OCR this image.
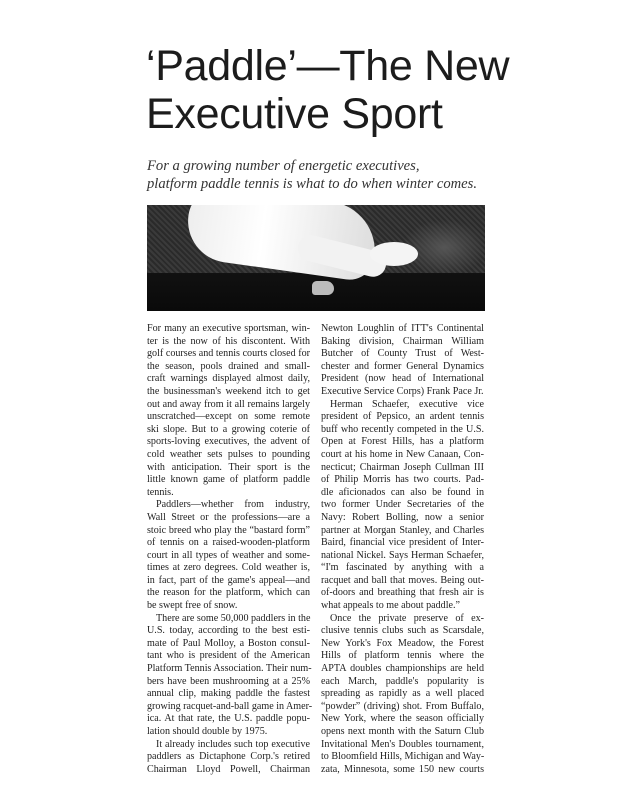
‘Paddle’—The New
Executive Sport

For a growing number of energetic executives,
platform paddle tennis is what to do when winter comes.

For many an executive sportsman, win-
ter is the now of his discontent. With
golf courses and tennis courts closed for
the season, pools drained and small-
craft warnings displayed almost daily,
the businessman's weekend itch to get
out and away from it all remains largely
unscratched—except on some remote
ski slope. But to a growing coterie of
sports-loving executives, the advent of
cold weather sets pulses to pounding
with anticipation. Their sport is the
little known game of platform paddle
tennis.
Paddlers—whether from industry,
Wall Street or the professions—are a
stoic breed who play the “bastard form”
of tennis on a raised-wooden-platform
court in all types of weather and some-
times at zero degrees. Cold weather is,
in fact, part of the game's appeal—and
the reason for the platform, which can
be swept free of snow.
There are some 50,000 paddlers in the
U.S. today, according to the best esti-
mate of Paul Molloy, a Boston consul-
tant who is president of the American
Platform Tennis Association. Their num-
bers have been mushrooming at a 25%
annual clip, making paddle the fastest
growing racquet-and-ball game in Amer-
ica. At that rate, the U.S. paddle popu-
lation should double by 1975.
It already includes such top executive
paddlers as Dictaphone Corp.'s retired
Chairman Lloyd Powell, Chairman
Newton Loughlin of ITT's Continental
Baking division, Chairman William
Butcher of County Trust of West-
chester and former General Dynamics
President (now head of International
Executive Service Corps) Frank Pace Jr.
Herman Schaefer, executive vice
president of Pepsico, an ardent tennis
buff who recently competed in the U.S.
Open at Forest Hills, has a platform
court at his home in New Canaan, Con-
necticut; Chairman Joseph Cullman III
of Philip Morris has two courts. Pad-
dle aficionados can also be found in
two former Under Secretaries of the
Navy: Robert Bolling, now a senior
partner at Morgan Stanley, and Charles
Baird, financial vice president of Inter-
national Nickel. Says Herman Schaefer,
“I'm fascinated by anything with a
racquet and ball that moves. Being out-
of-doors and breathing that fresh air is
what appeals to me about paddle.”
Once the private preserve of ex-
clusive tennis clubs such as Scarsdale,
New York's Fox Meadow, the Forest
Hills of platform tennis where the
APTA doubles championships are held
each March, paddle's popularity is
spreading as rapidly as a well placed
“powder” (driving) shot. From Buffalo,
New York, where the season officially
opens next month with the Saturn Club
Invitational Men's Doubles tournament,
to Bloomfield Hills, Michigan and Way-
zata, Minnesota, some 150 new courts
